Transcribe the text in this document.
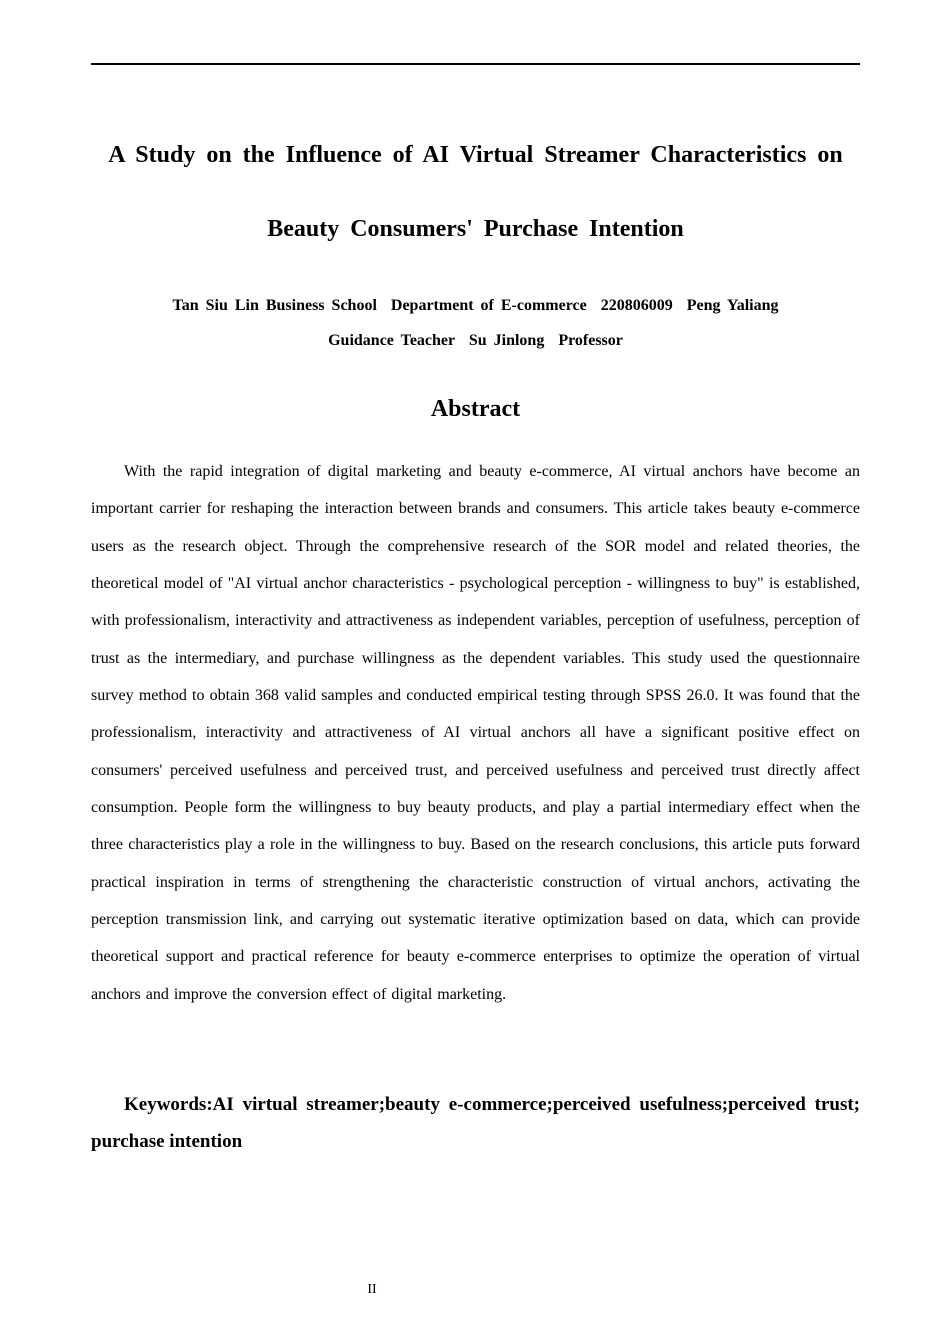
A Study on the Influence of AI Virtual Streamer Characteristics on
Beauty Consumers' Purchase Intention
Tan Siu Lin Business School  Department of E-commerce  220806009  Peng Yaliang
Guidance Teacher  Su Jinlong  Professor
Abstract

With the rapid integration of digital marketing and beauty e-commerce, AI virtual anchors have become an important carrier for reshaping the interaction between brands and consumers. This article takes beauty e-commerce users as the research object. Through the comprehensive research of the SOR model and related theories, the theoretical model of "AI virtual anchor characteristics - psychological perception - willingness to buy" is established, with professionalism, interactivity and attractiveness as independent variables, perception of usefulness, perception of trust as the intermediary, and purchase willingness as the dependent variables. This study used the questionnaire survey method to obtain 368 valid samples and conducted empirical testing through SPSS 26.0. It was found that the professionalism, interactivity and attractiveness of AI virtual anchors all have a significant positive effect on consumers' perceived usefulness and perceived trust, and perceived usefulness and perceived trust directly affect consumption. People form the willingness to buy beauty products, and play a partial intermediary effect when the three characteristics play a role in the willingness to buy. Based on the research conclusions, this article puts forward practical inspiration in terms of strengthening the characteristic construction of virtual anchors, activating the perception transmission link, and carrying out systematic iterative optimization based on data, which can provide theoretical support and practical reference for beauty e-commerce enterprises to optimize the operation of virtual anchors and improve the conversion effect of digital marketing.

Keywords:AI virtual streamer;beauty e-commerce;perceived usefulness;perceived trust; purchase intention

II
